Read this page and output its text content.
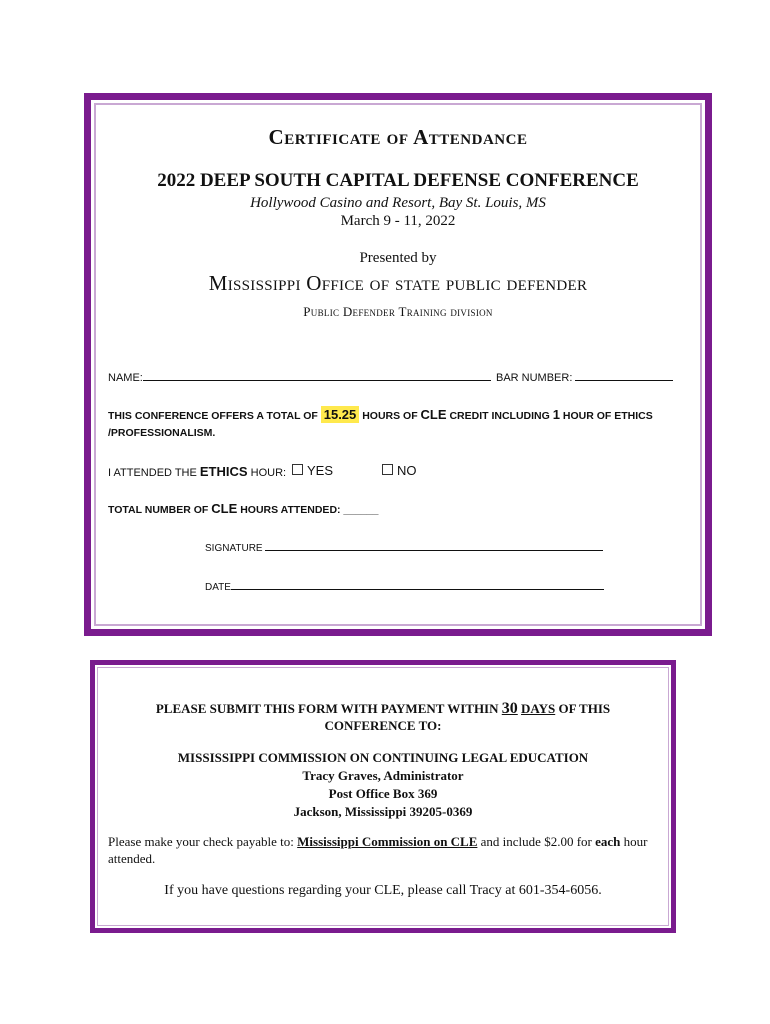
Certificate of Attendance
2022 DEEP SOUTH CAPITAL DEFENSE CONFERENCE
Hollywood Casino and Resort, Bay St. Louis, MS
March 9 - 11, 2022
Presented by
Mississippi Office of state public defender
Public Defender Training division
NAME:	BAR NUMBER:
THIS CONFERENCE OFFERS A TOTAL OF 15.25 HOURS OF CLE CREDIT INCLUDING 1 HOUR OF ETHICS
/PROFESSIONALISM.
I ATTENDED THE ETHICS HOUR:	YES	NO
TOTAL NUMBER OF CLE HOURS ATTENDED: ______
SIGNATURE
DATE
PLEASE SUBMIT THIS FORM WITH PAYMENT WITHIN 30 DAYS OF THIS
CONFERENCE TO:
MISSISSIPPI COMMISSION ON CONTINUING LEGAL EDUCATION
Tracy Graves, Administrator
Post Office Box 369
Jackson, Mississippi 39205-0369
Please make your check payable to: Mississippi Commission on CLE and include $2.00 for each hour attended.
If you have questions regarding your CLE, please call Tracy at 601-354-6056.
